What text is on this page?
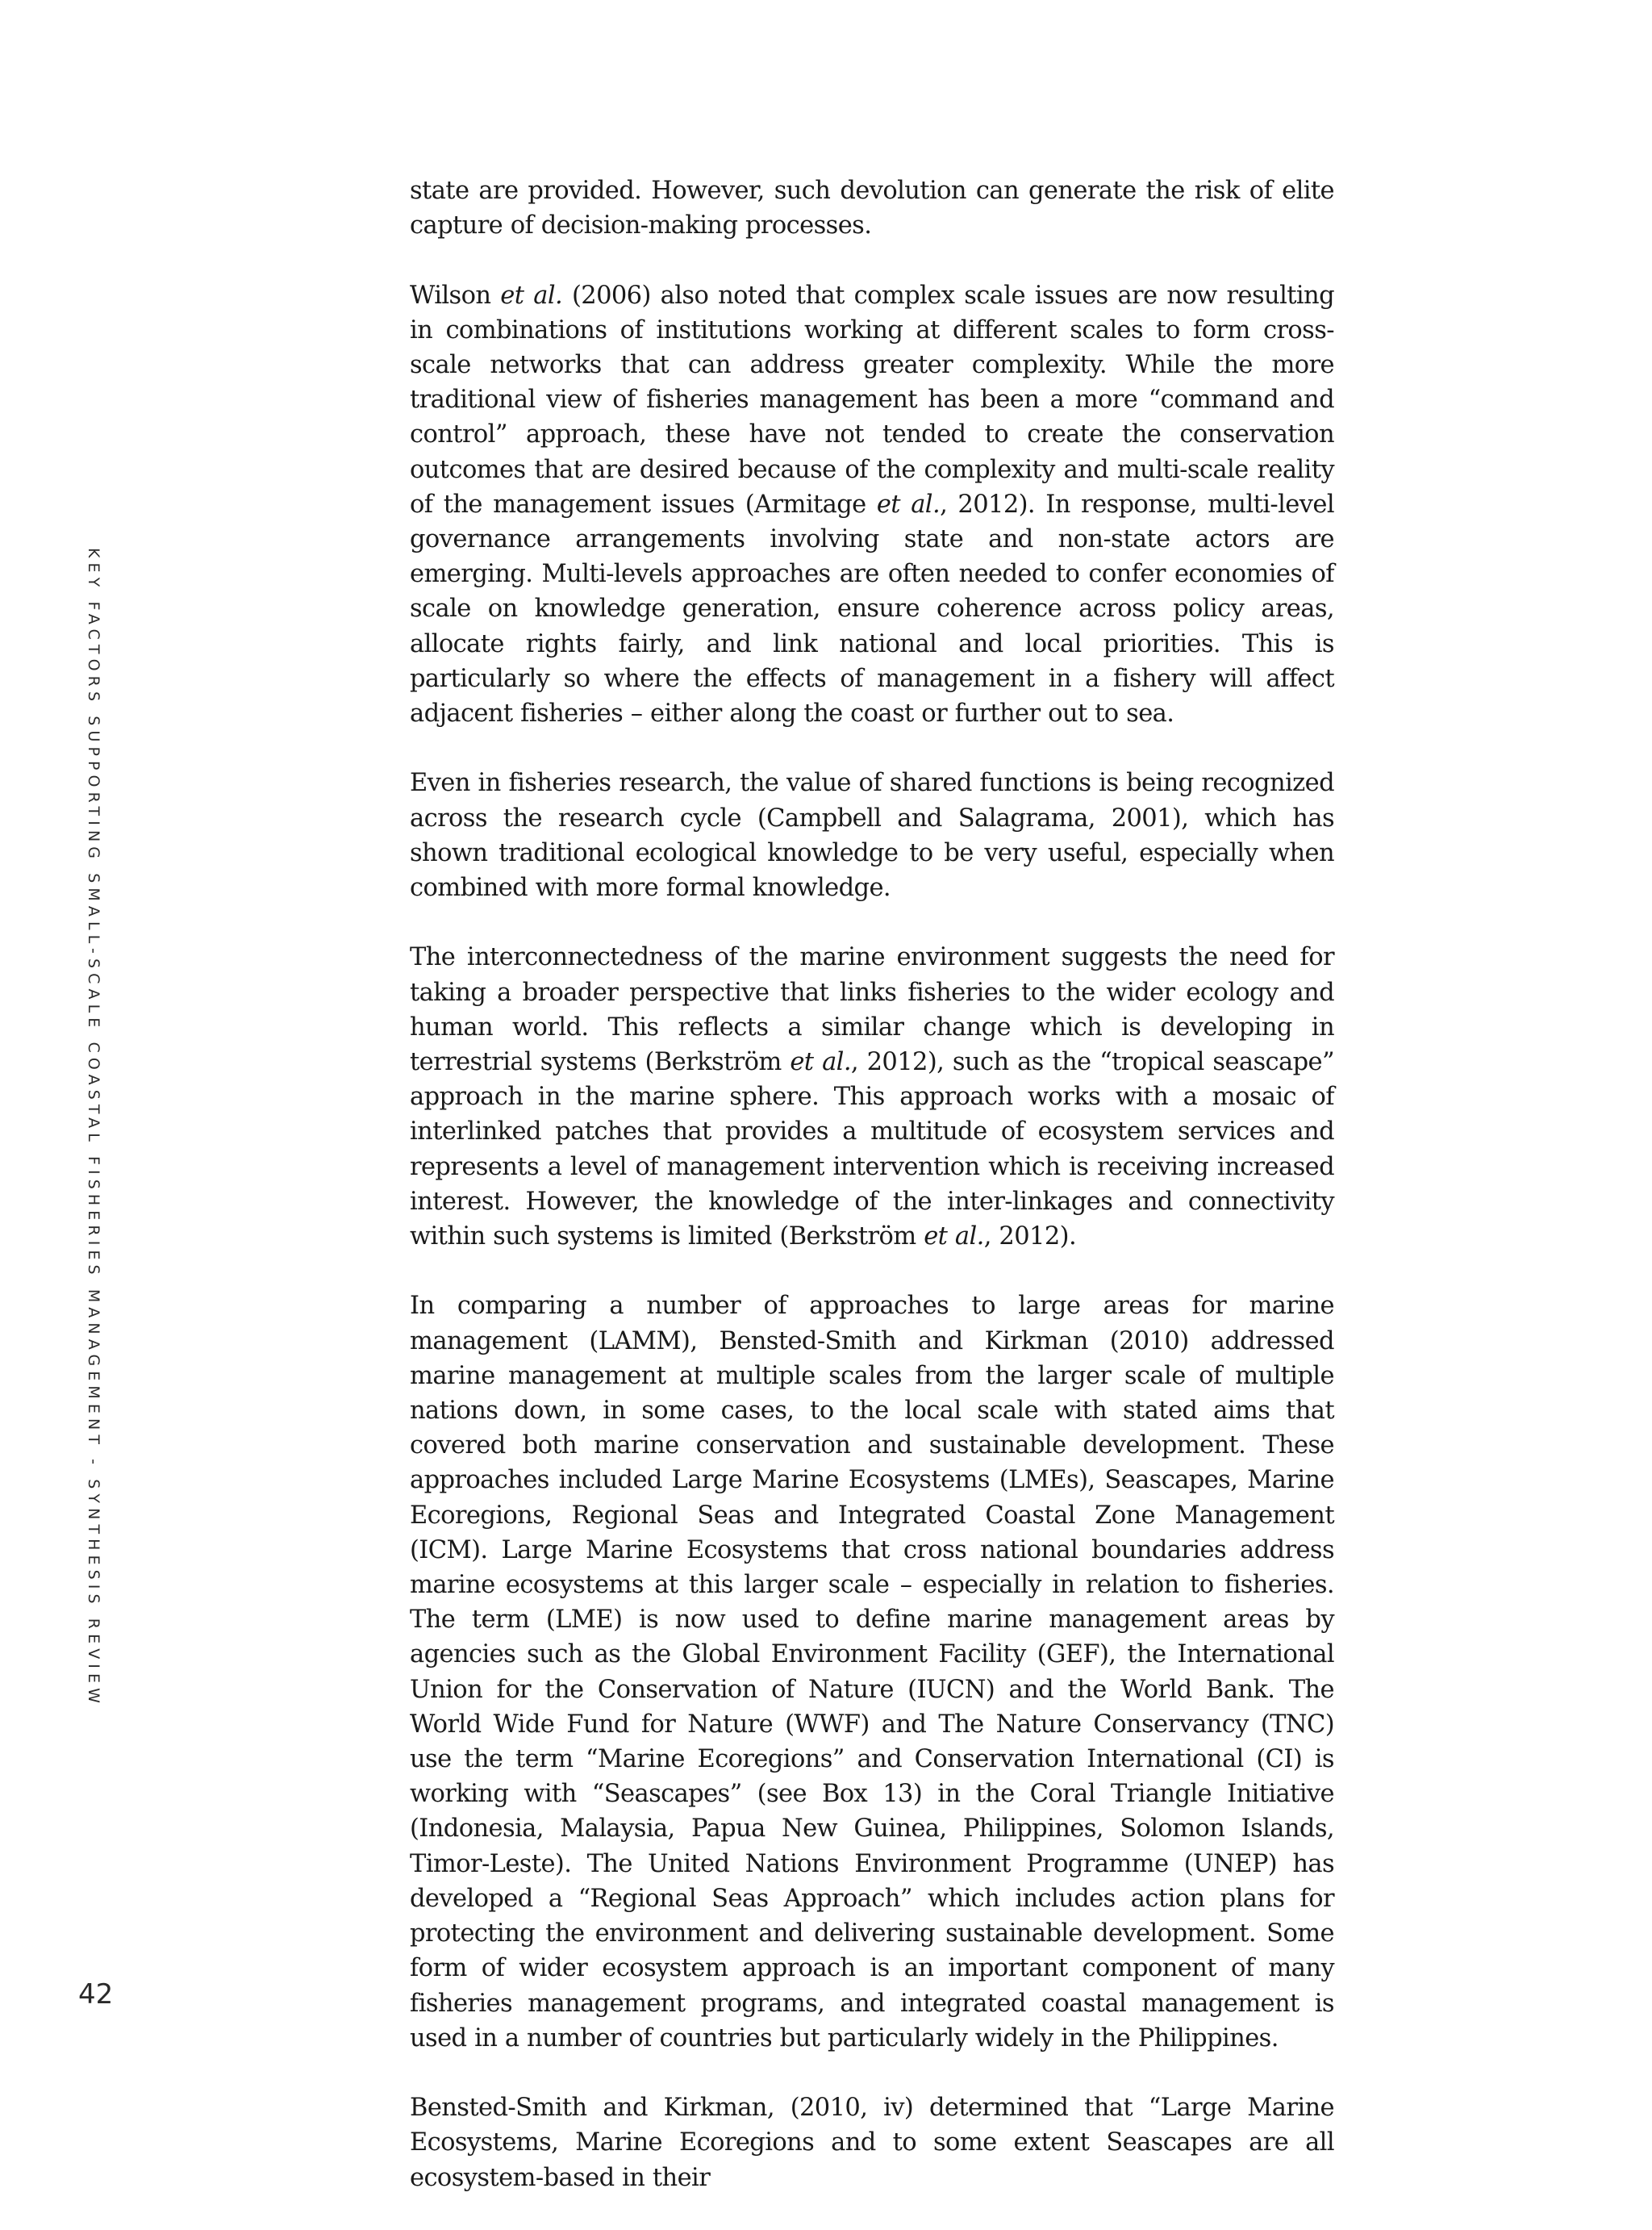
KEY FACTORS SUPPORTING SMALL-SCALE COASTAL FISHERIES MANAGEMENT - SYNTHESIS REVIEW

state are provided. However, such devolution can generate the risk of elite capture of decision-making processes.

Wilson et al. (2006) also noted that complex scale issues are now resulting in combinations of institutions working at different scales to form cross-scale networks that can address greater complexity. While the more traditional view of fisheries management has been a more “command and control” approach, these have not tended to create the conservation outcomes that are desired because of the complexity and multi-scale reality of the management issues (Armitage et al., 2012). In response, multi-level governance arrangements involving state and non-state actors are emerging. Multi-levels approaches are often needed to confer economies of scale on knowledge generation, ensure coherence across policy areas, allocate rights fairly, and link national and local priorities. This is particularly so where the effects of management in a fishery will affect adjacent fisheries – either along the coast or further out to sea.

Even in fisheries research, the value of shared functions is being recognized across the research cycle (Campbell and Salagrama, 2001), which has shown traditional ecological knowledge to be very useful, especially when combined with more formal knowledge.

The interconnectedness of the marine environment suggests the need for taking a broader perspective that links fisheries to the wider ecology and human world. This reflects a similar change which is developing in terrestrial systems (Berkström et al., 2012), such as the “tropical seascape” approach in the marine sphere. This approach works with a mosaic of interlinked patches that provides a multitude of ecosystem services and represents a level of management intervention which is receiving increased interest. However, the knowledge of the inter-linkages and connectivity within such systems is limited (Berkström et al., 2012).

In comparing a number of approaches to large areas for marine management (LAMM), Bensted-Smith and Kirkman (2010) addressed marine management at multiple scales from the larger scale of multiple nations down, in some cases, to the local scale with stated aims that covered both marine conservation and sustainable development. These approaches included Large Marine Ecosystems (LMEs), Seascapes, Marine Ecoregions, Regional Seas and Integrated Coastal Zone Management (ICM). Large Marine Ecosystems that cross national boundaries address marine ecosystems at this larger scale – especially in relation to fisheries. The term (LME) is now used to define marine management areas by agencies such as the Global Environment Facility (GEF), the International Union for the Conservation of Nature (IUCN) and the World Bank. The World Wide Fund for Nature (WWF) and The Nature Conservancy (TNC) use the term “Marine Ecoregions” and Conservation International (CI) is working with “Seascapes” (see Box 13) in the Coral Triangle Initiative (Indonesia, Malaysia, Papua New Guinea, Philippines, Solomon Islands, Timor-Leste). The United Nations Environment Programme (UNEP) has developed a “Regional Seas Approach” which includes action plans for protecting the environment and delivering sustainable development. Some form of wider ecosystem approach is an important component of many fisheries management programs, and integrated coastal management is used in a number of countries but particularly widely in the Philippines.

Bensted-Smith and Kirkman, (2010, iv) determined that “Large Marine Ecosystems, Marine Ecoregions and to some extent Seascapes are all ecosystem-based in their

42
